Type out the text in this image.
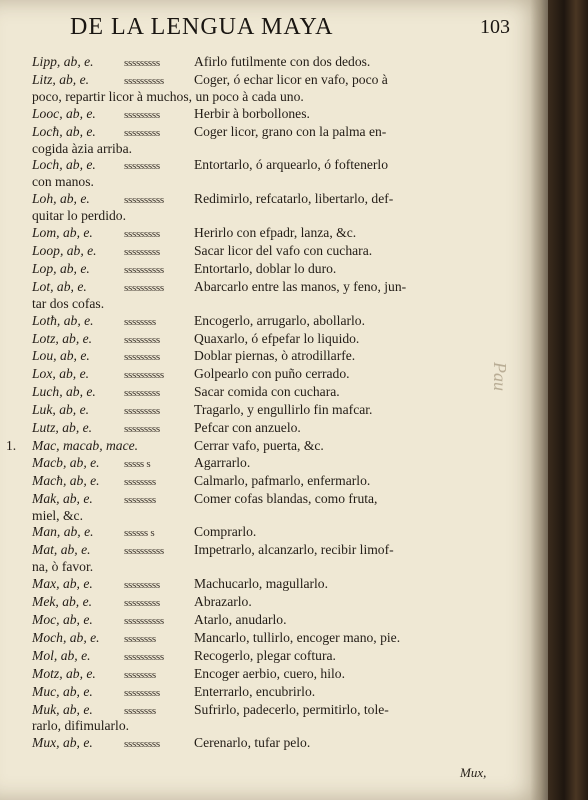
DE LA LENGUA MAYA	103
Lipp, ab, e.	sssssssss	Afirlo futilmente con dos dedos.
Litz, ab, e.	ssssssssss	Coger, ó echar licor en vafo, poco à
poco, repartir licor à muchos, un poco à cada uno.
Looc, ab, e.	sssssssss	Herbir à borbollones.
Locħ, ab, e.	sssssssss	Coger licor, grano con la palma en-
cogida àzia arriba.
Loch, ab, e.	sssssssss	Entortarlo, ó arquearlo, ó foftenerlo
con manos.
Loh, ab, e.	ssssssssss	Redimirlo, refcatarlo, libertarlo, def-
quitar lo perdido.
Lom, ab, e.	sssssssss	Herirlo con efpadr, lanza, &c.
Loop, ab, e.	sssssssss	Sacar licor del vafo con cuchara.
Lop, ab, e.	ssssssssss	Entortarlo, doblar lo duro.
Lot, ab, e.	ssssssssss	Abarcarlo entre las manos, y feno, jun-
tar dos cofas.
Lotħ, ab, e.	ssssssss	Encogerlo, arrugarlo, abollarlo.
Lotz, ab, e.	sssssssss	Quaxarlo, ó efpefar lo liquido.
Lou, ab, e.	sssssssss	Doblar piernas, ò atrodillarfe.
Lox, ab, e.	ssssssssss	Golpearlo con puño cerrado.
Luch, ab, e.	sssssssss	Sacar comida con cuchara.
Luk, ab, e.	sssssssss	Tragarlo, y engullirlo fin mafcar.
Lutz, ab, e.	sssssssss	Pefcar con anzuelo.
1.	Mac, macab, mace.	Cerrar vafo, puerta, &c.
Macb, ab, e.	sssss s	Agarrarlo.
Macħ, ab, e.	ssssssss	Calmarlo, pafmarlo, enfermarlo.
Mak, ab, e.	ssssssss	Comer cofas blandas, como fruta,
miel, &c.
Man, ab, e.	ssssss s	Comprarlo.
Mat, ab, e.	ssssssssss	Impetrarlo, alcanzarlo, recibir limof-
na, ò favor.
Max, ab, e.	sssssssss	Machucarlo, magullarlo.
Mek, ab, e.	sssssssss	Abrazarlo.
Moc, ab, e.	ssssssssss	Atarlo, anudarlo.
Moch, ab, e.	ssssssss	Mancarlo, tullirlo, encoger mano, pie.
Mol, ab, e.	ssssssssss	Recogerlo, plegar coftura.
Motz, ab, e.	ssssssss	Encoger aerbio, cuero, hilo.
Muc, ab, e.	sssssssss	Enterrarlo, encubrirlo.
Muk, ab, e.	ssssssss	Sufrirlo, padecerlo, permitirlo, tole-
rarlo, difimularlo.
Mux, ab, e.	sssssssss	Cerenarlo, tufar pelo.
Pau
Mux,
